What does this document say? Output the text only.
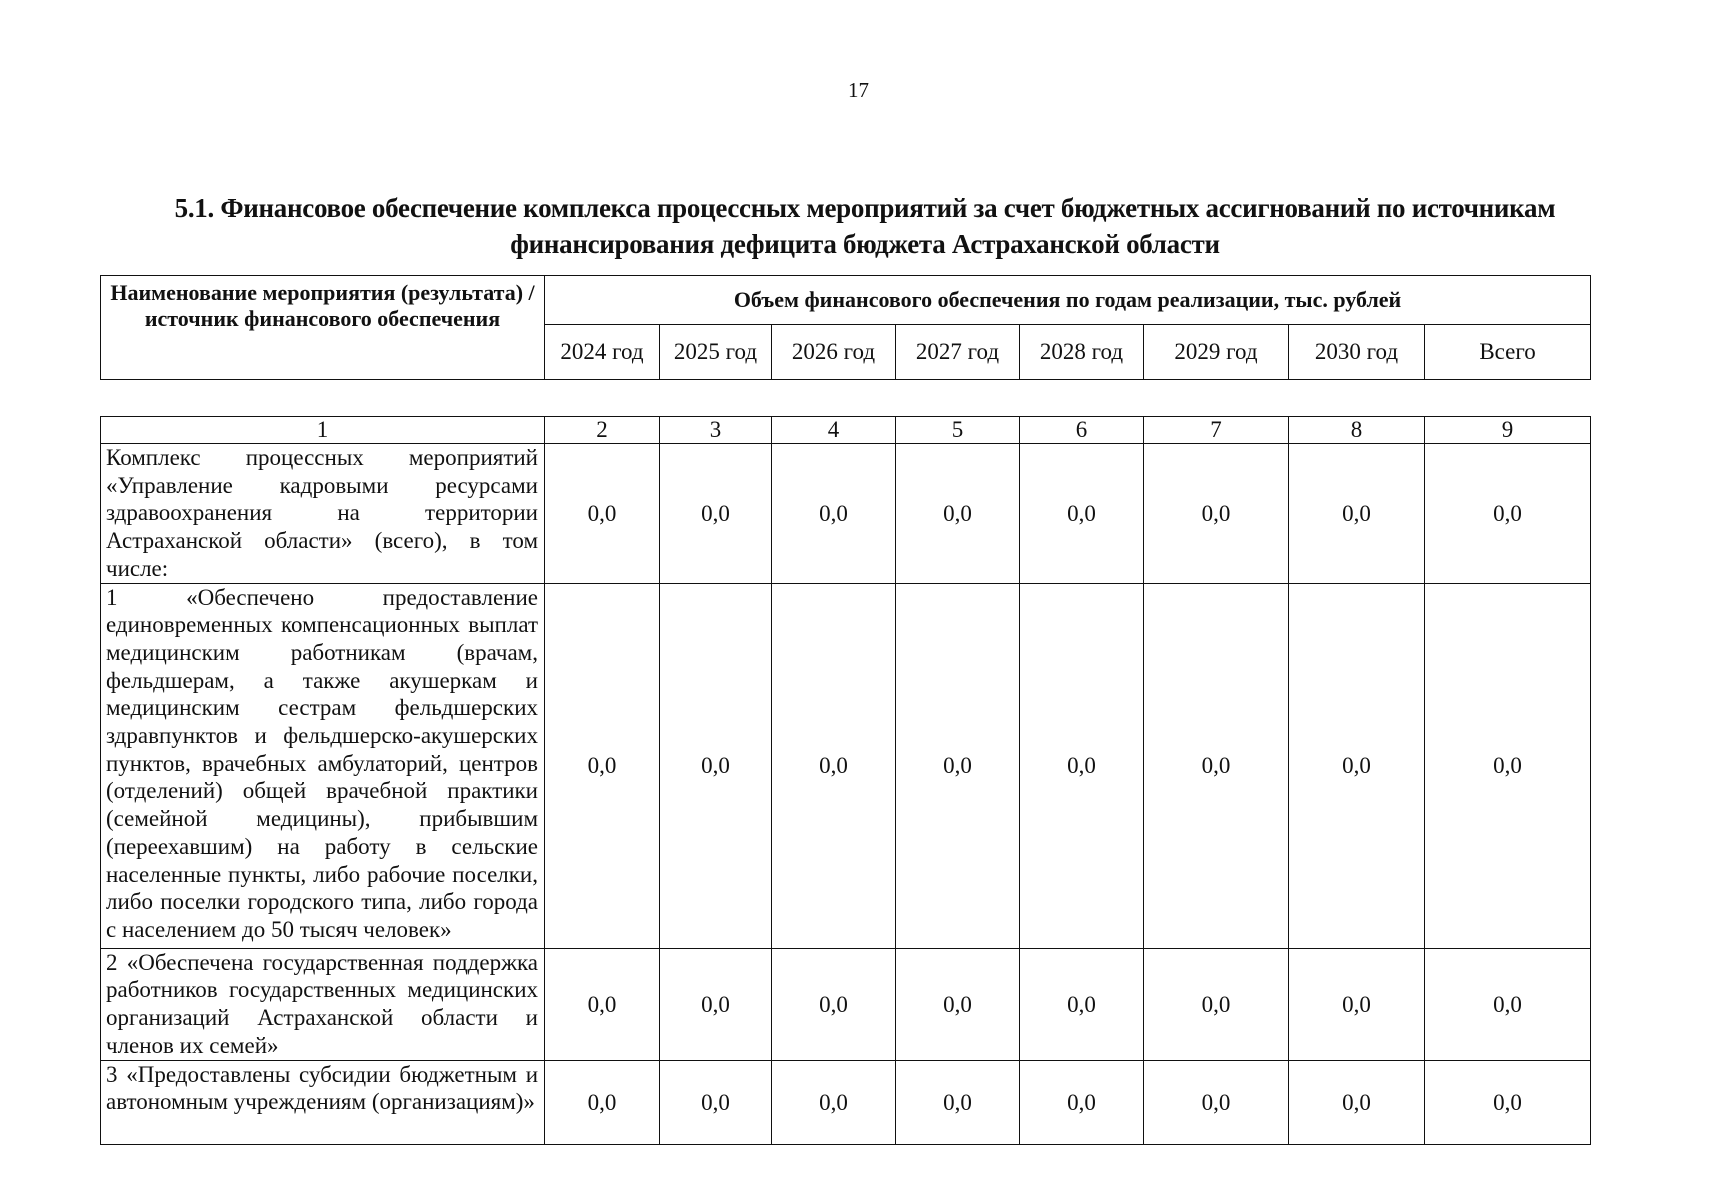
17
5.1. Финансовое обеспечение комплекса процессных мероприятий за счет бюджетных ассигнований по источникам финансирования дефицита бюджета Астраханской области
Наименование мероприятия (результата) / источник финансового обеспечения	Объем финансового обеспечения по годам реализации, тыс. рублей							
	2024 год	2025 год	2026 год	2027 год	2028 год	2029 год	2030 год	Всего
1	2	3	4	5	6	7	8	9
Комплекс процессных мероприятий «Управление кадровыми ресурсами здравоохранения на территории Астраханской области» (всего), в том числе:	0,0	0,0	0,0	0,0	0,0	0,0	0,0	0,0
1 «Обеспечено предоставление единовременных компенсационных выплат медицинским работникам (врачам, фельдшерам, а также акушеркам и медицинским сестрам фельдшерских здравпунктов и фельдшерско-акушерских пунктов, врачебных амбулаторий, центров (отделений) общей врачебной практики (семейной медицины), прибывшим (переехавшим) на работу в сельские населенные пункты, либо рабочие поселки, либо поселки городского типа, либо города с населением до 50 тысяч человек»	0,0	0,0	0,0	0,0	0,0	0,0	0,0	0,0
2 «Обеспечена государственная поддержка работников государственных медицинских организаций Астраханской области и членов их семей»	0,0	0,0	0,0	0,0	0,0	0,0	0,0	0,0
3 «Предоставлены субсидии бюджетным и автономным учреждениям (организациям)»	0,0	0,0	0,0	0,0	0,0	0,0	0,0	0,0
